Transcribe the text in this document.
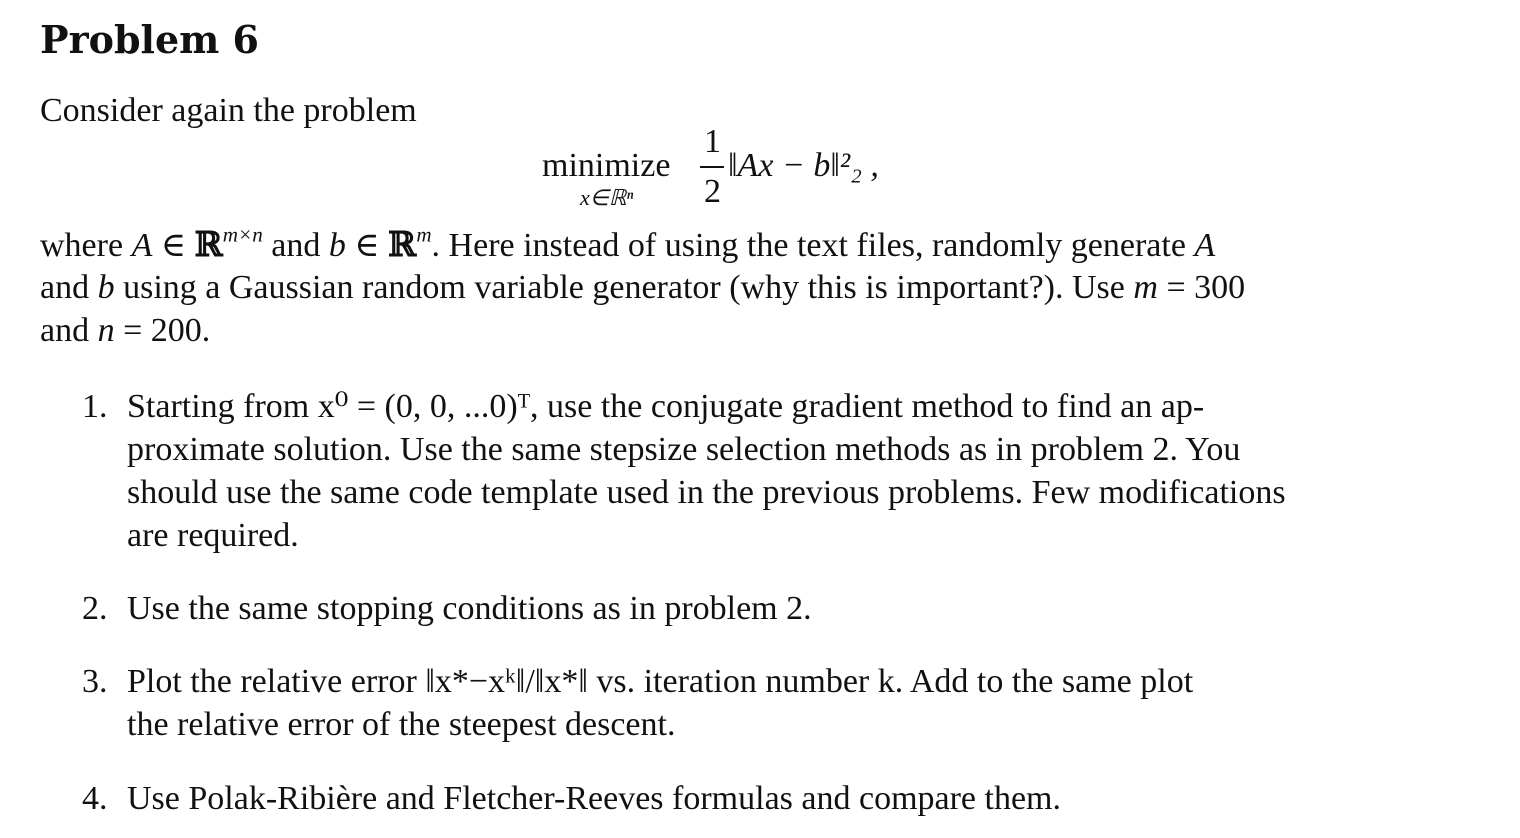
Problem 6
Consider again the problem
minimize
x∈ℝⁿ
1
2
‖Ax − b‖²₂ ,
where A ∈ ℝ$^{m\times n}$ and b ∈ ℝ$^m$. Here instead of using the text files, randomly generate A
and b using a Gaussian random variable generator (why this is important?). Use m = 300
and n = 200.
1. Starting from x⁰ = (0, 0, ...0)ᵀ, use the conjugate gradient method to find an ap-
proximate solution. Use the same stepsize selection methods as in problem 2. You
should use the same code template used in the previous problems. Few modifications
are required.
2. Use the same stopping conditions as in problem 2.
3. Plot the relative error ‖x*−xᵏ‖/‖x*‖ vs. iteration number k. Add to the same plot
the relative error of the steepest descent.
4. Use Polak-Ribière and Fletcher-Reeves formulas and compare them.
